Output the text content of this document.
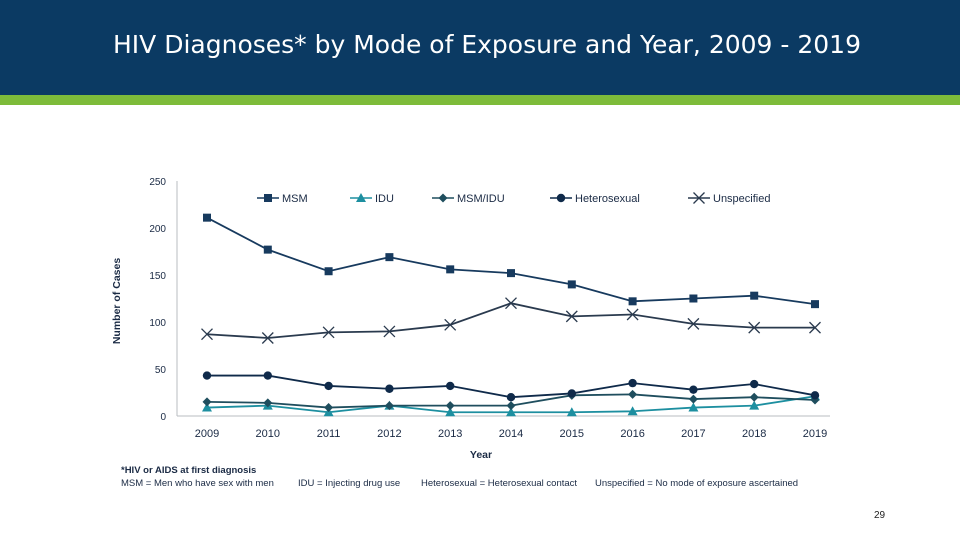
HIV Diagnoses* by Mode of Exposure and Year, 2009 - 2019
0
50
100
150
200
250
2009	2010	2011	2012	2013	2014	2015	2016	2017	2018	2019
Year
Number of Cases
MSM	IDU	MSM/IDU	Heterosexual	Unspecified
*HIV or AIDS at first diagnosis
MSM = Men who have sex with men	IDU = Injecting drug use Heterosexual = Heterosexual contact Unspecified = No mode of exposure ascertained
29
